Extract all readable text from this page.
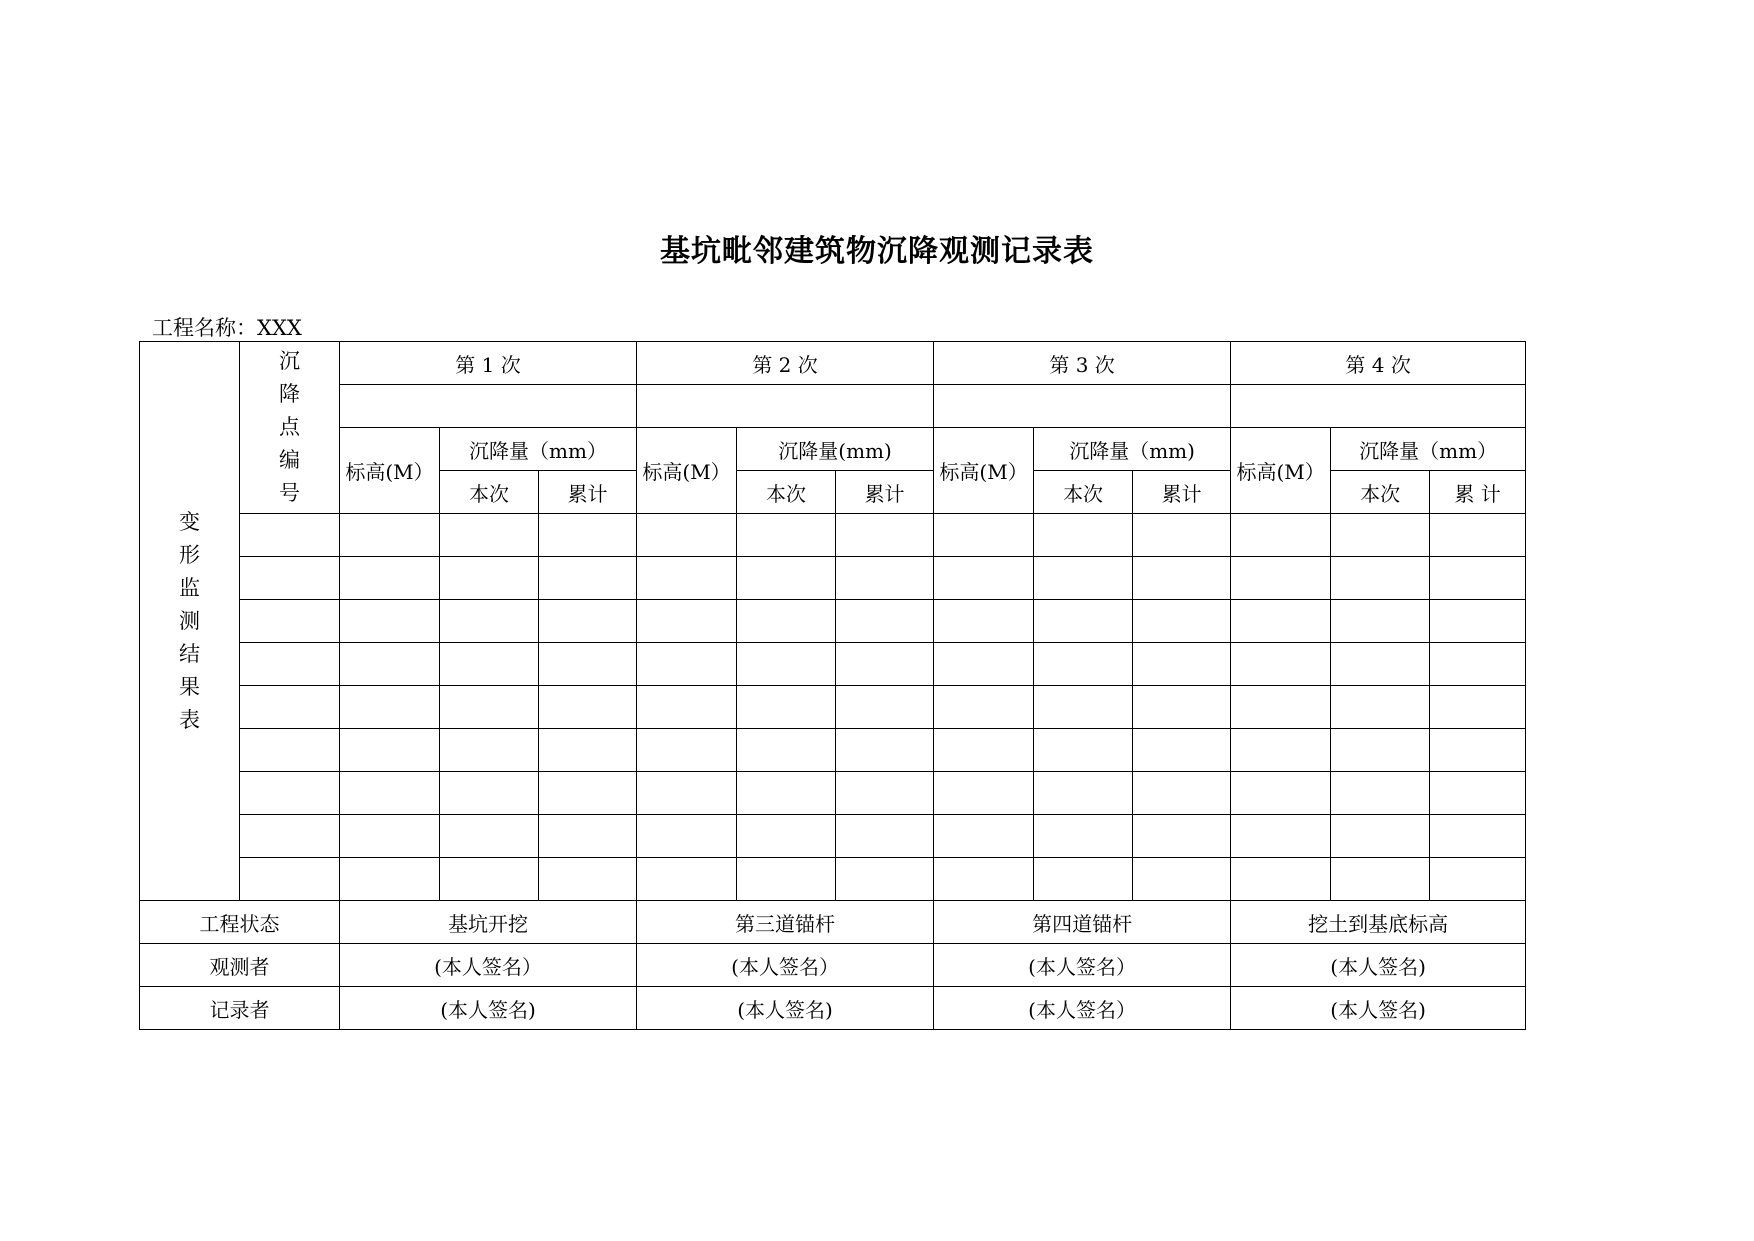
基坑毗邻建筑物沉降观测记录表
工程名称：XXX
变形监测结果表	沉降点编号	第 1 次			第 2 次			第 3 次			第 4 次		

		标高(M）	沉降量（mm）		标高(M）	沉降量(mm)		标高(M）	沉降量（mm)		标高(M）	沉降量（mm）	
			本次	累计		本次	累计		本次	累计		本次	累 计

工程状态		基坑开挖			第三道锚杆			第四道锚杆			挖土到基底标高		
观测者		(本人签名）			(本人签名）			(本人签名）			(本人签名)		
记录者		(本人签名)			(本人签名)			(本人签名）			(本人签名)		
